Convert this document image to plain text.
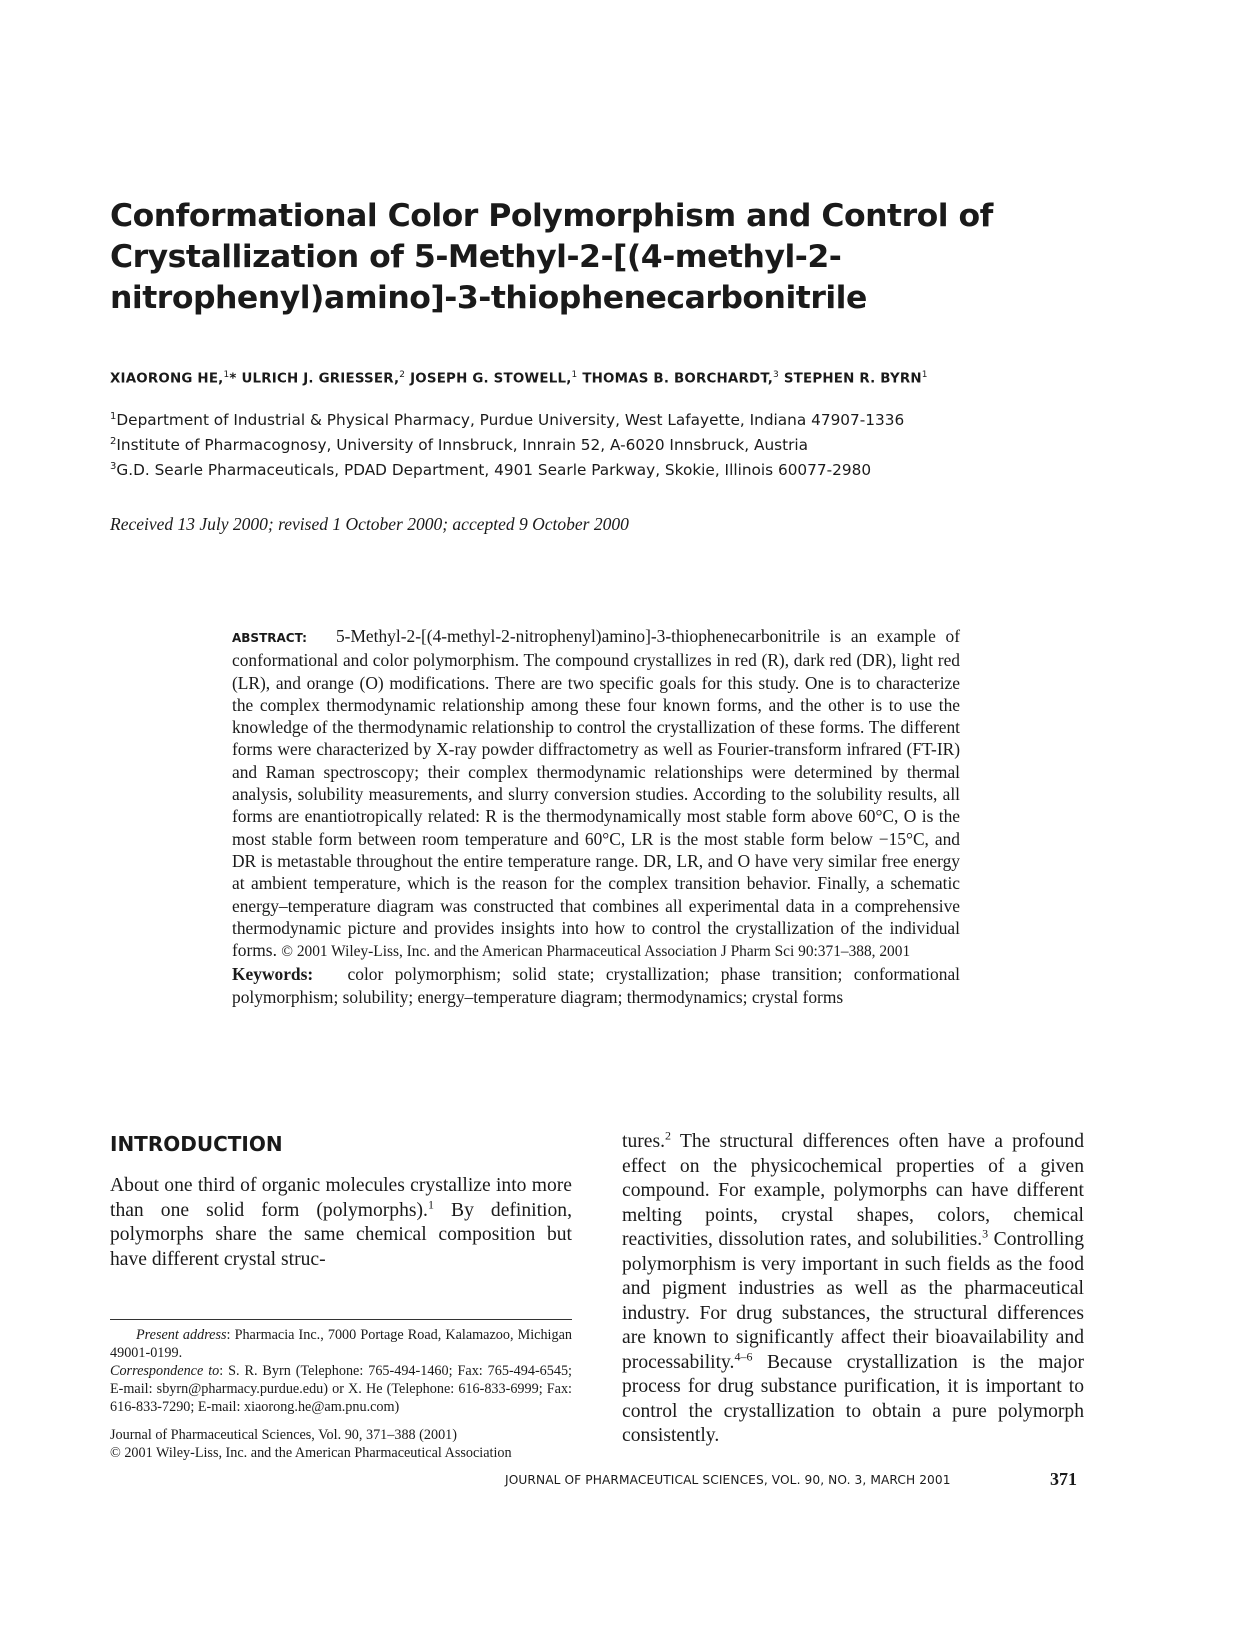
Conformational Color Polymorphism and Control of
Crystallization of 5-Methyl-2-[(4-methyl-2-
nitrophenyl)amino]-3-thiophenecarbonitrile
XIAORONG HE,$^1$* ULRICH J. GRIESSER,$^2$ JOSEPH G. STOWELL,$^1$ THOMAS B. BORCHARDT,$^3$ STEPHEN R. BYRN$^1$
$^1$Department of Industrial & Physical Pharmacy, Purdue University, West Lafayette, Indiana 47907-1336
$^2$Institute of Pharmacognosy, University of Innsbruck, Innrain 52, A-6020 Innsbruck, Austria
$^3$G.D. Searle Pharmaceuticals, PDAD Department, 4901 Searle Parkway, Skokie, Illinois 60077-2980
Received 13 July 2000; revised 1 October 2000; accepted 9 October 2000

ABSTRACT: 5-Methyl-2-[(4-methyl-2-nitrophenyl)amino]-3-thiophenecarbonitrile is an example of conformational and color polymorphism. The compound crystallizes in red (R), dark red (DR), light red (LR), and orange (O) modifications. There are two specific goals for this study. One is to characterize the complex thermodynamic relationship among these four known forms, and the other is to use the knowledge of the thermodynamic relationship to control the crystallization of these forms. The different forms were characterized by X-ray powder diffractometry as well as Fourier-transform infrared (FT-IR) and Raman spectroscopy; their complex thermodynamic relationships were determined by thermal analysis, solubility measurements, and slurry conversion studies. According to the solubility results, all forms are enantiotropically related: R is the thermodynamically most stable form above 60°C, O is the most stable form between room temperature and 60°C, LR is the most stable form below −15°C, and DR is metastable throughout the entire temperature range. DR, LR, and O have very similar free energy at ambient temperature, which is the reason for the complex transition behavior. Finally, a schematic energy–temperature diagram was constructed that combines all experimental data in a comprehensive thermodynamic picture and provides insights into how to control the crystallization of the individual forms. © 2001 Wiley-Liss, Inc. and the American Pharmaceutical Association J Pharm Sci 90:371–388, 2001

Keywords: color polymorphism; solid state; crystallization; phase transition; conformational polymorphism; solubility; energy–temperature diagram; thermodynamics; crystal forms

INTRODUCTION

About one third of organic molecules crystallize into more than one solid form (polymorphs).$^1$ By definition, polymorphs share the same chemical composition but have different crystal struc-

tures.$^2$ The structural differences often have a profound effect on the physicochemical properties of a given compound. For example, polymorphs can have different melting points, crystal shapes, colors, chemical reactivities, dissolution rates, and solubilities.$^3$ Controlling polymorphism is very important in such fields as the food and pigment industries as well as the pharmaceutical industry. For drug substances, the structural differences are known to significantly affect their bioavailability and processability.$^{4-6}$ Because crystallization is the major process for drug substance purification, it is important to control the crystallization to obtain a pure polymorph consistently.

Present address: Pharmacia Inc., 7000 Portage Road, Kalamazoo, Michigan 49001-0199.

Correspondence to: S. R. Byrn (Telephone: 765-494-1460; Fax: 765-494-6545; E-mail: sbyrn@pharmacy.purdue.edu) or X. He (Telephone: 616-833-6999; Fax: 616-833-7290; E-mail: xiaorong.he@am.pnu.com)

Journal of Pharmaceutical Sciences, Vol. 90, 371–388 (2001)

© 2001 Wiley-Liss, Inc. and the American Pharmaceutical Association

JOURNAL OF PHARMACEUTICAL SCIENCES, VOL. 90, NO. 3, MARCH 2001	371
